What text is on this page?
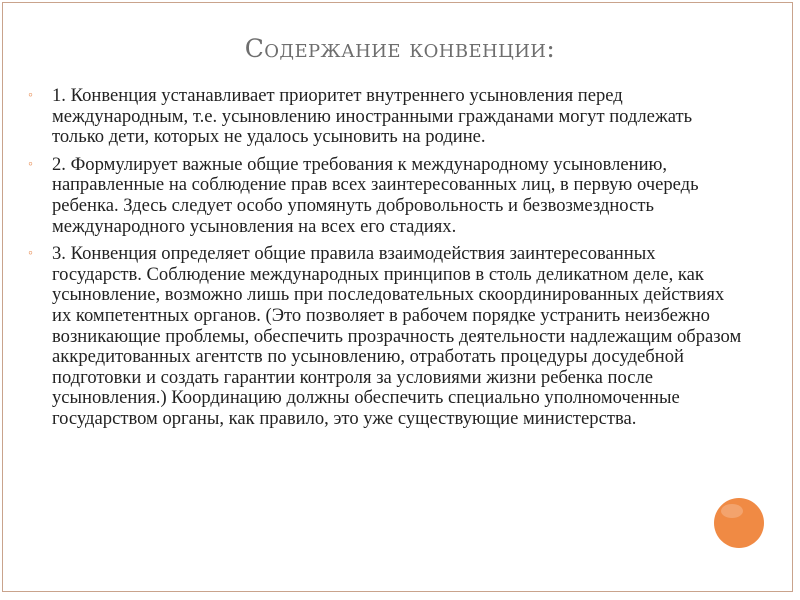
Содержание конвенции:
◦ 1. Конвенция устанавливает приоритет внутреннего усыновления перед международным, т.е. усыновлению иностранными гражданами могут подлежать только дети, которых не удалось усыновить на родине.
◦ 2. Формулирует важные общие требования к международному усыновлению, направленные на соблюдение прав всех заинтересованных лиц, в первую очередь ребенка. Здесь следует особо упомянуть добровольность и безвозмездность международного усыновления на всех его стадиях.
◦ 3. Конвенция определяет общие правила взаимодействия заинтересованных государств. Соблюдение международных принципов в столь деликатном деле, как усыновление, возможно лишь при последовательных скоординированных действиях их компетентных органов. (Это позволяет в рабочем порядке устранить неизбежно возникающие проблемы, обеспечить прозрачность деятельности надлежащим образом аккредитованных агентств по усыновлению, отработать процедуры досудебной подготовки и создать гарантии контроля за условиями жизни ребенка после усыновления.) Координацию должны обеспечить специально уполномоченные государством органы, как правило, это уже существующие министерства.
